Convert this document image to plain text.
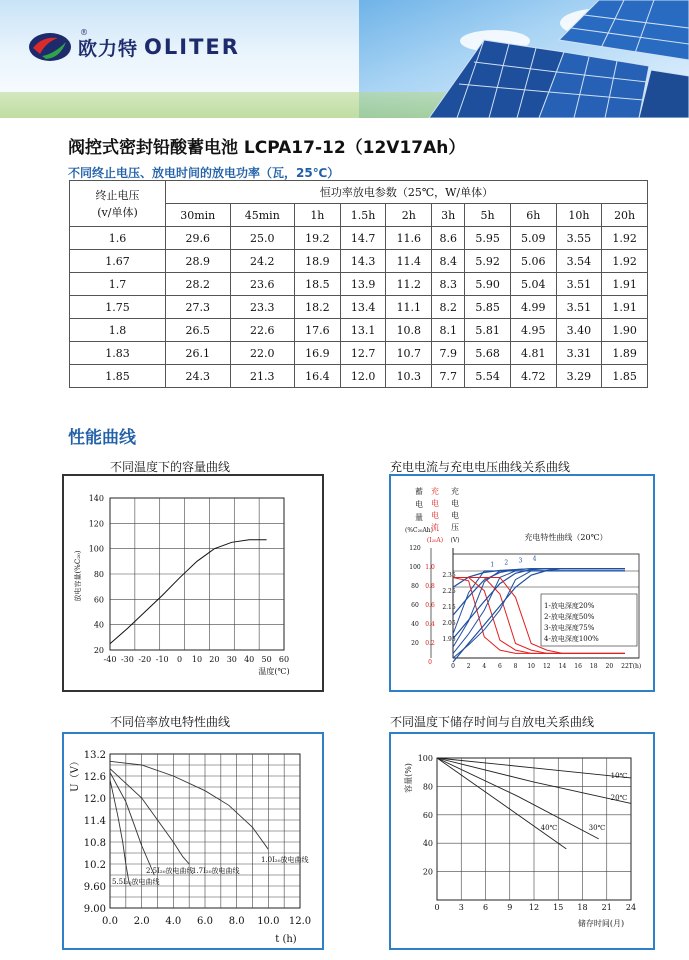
®
欧力特 OLITER
阀控式密封铅酸蓄电池 LCPA17-12（12V17Ah）
不同终止电压、放电时间的放电功率（瓦，25℃）
终止电压
(v/单体)	恒功率放电参数（25℃，W/单体）									
	30min	45min	1h	1.5h	2h	3h	5h	6h	10h	20h
1.6	29.6	25.0	19.2	14.7	11.6	8.6	5.95	5.09	3.55	1.92
1.67	28.9	24.2	18.9	14.3	11.4	8.4	5.92	5.06	3.54	1.92
1.7	28.2	23.6	18.5	13.9	11.2	8.3	5.90	5.04	3.51	1.91
1.75	27.3	23.3	18.2	13.4	11.1	8.2	5.85	4.99	3.51	1.91
1.8	26.5	22.6	17.6	13.1	10.8	8.1	5.81	4.95	3.40	1.90
1.83	26.1	22.0	16.9	12.7	10.7	7.9	5.68	4.81	3.31	1.89
1.85	24.3	21.3	16.4	12.0	10.3	7.7	5.54	4.72	3.29	1.85
性能曲线
不同温度下的容量曲线	充电电流与充电电压曲线关系曲线
不同倍率放电特性曲线	不同温度下储存时间与自放电关系曲线
-40 -30 -20 -10 0 10 20 30 40 50 60
20
40
60
80
100
120
140
温度(℃)
放电容量(%C₂₀)
蓄
电
量
(%C₂₀Ah)
充
电
电
流
(I₂₀A)
充
电
电
压
(V)	充电特性曲线（20℃）
120
100
80
60
40
20
1.0
0.8
0.6
0.4
0.2
0
2.35
2.25
2.15
2.05
1.95
0 2 4 6 8 10 12 14 16 18 20 22 T(h)
1 2 3 4
1-放电深度20%
2-放电深度50%
3-放电深度75%
4-放电深度100%
0.0 2.0 4.0 6.0 8.0 10.0 12.0
9.00
9.60
10.2
10.8
11.4
12.0
12.6
13.2
t (h)
U（V）
5.5I₂₀放电曲线
2.5I₂₀放电曲线
1.7I₂₀放电曲线
1.0I₂₀放电曲线
0 3 6 9 12 15 18 21 24
20
40
60
80
100
储存时间(月)
容量(%)	10℃
20℃
30℃
40℃
